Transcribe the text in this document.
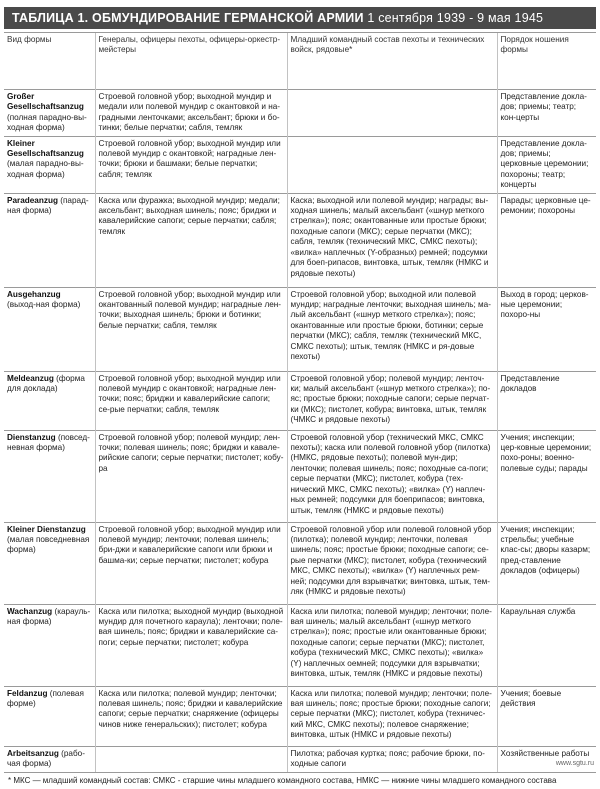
ТАБЛИЦА 1. ОБМУНДИРОВАНИЕ ГЕРМАНСКОЙ АРМИИ 1 сентября 1939 - 9 мая 1945
Вид формы	Генералы, офицеры пехоты, офицеры-оркестр-мейстеры	Младший командный состав пехоты и технических войск, рядовые*	Порядок ношения формы
Großer Gesellschaftsanzug (полная парадно-вы-ходная форма)	Строевой головной убор; выходной мундир и медали или полевой мундир с окантовкой и на-градными ленточками; аксельбант; брюки и бо-тинки; белые перчатки; сабля, темляк		Представление докла-дов; приемы; театр; кон-церты
Kleiner Gesellschaftsanzug (малая парадно-вы-ходная форма)	Строевой головной убор; выходной мундир или полевой мундир с окантовкой; наградные лен-точки; брюки и башмаки; белые перчатки; сабля; темляк		Представление докла-дов; приемы; церковные церемонии; похороны; театр; концерты
Paradeanzug (парад-ная форма)	Каска или фуражка; выходной мундир; медали; аксельбант; выходная шинель; пояс; бриджи и кавалерийские сапоги; серые перчатки; сабля; темляк	Каска; выходной или полевой мундир; награды; вы-ходная шинель; малый аксельбант («шнур меткого стрелка»); пояс; окантованные или простые брюки; походные сапоги (МКС); серые перчатки (МКС); сабля, темляк (технический МКС, СМКС пехоты); «вилка» наплечных (Y-образных) ремней; подсумки для боеп-рипасов, винтовка, штык, темляк (НМКС и рядовые пехоты)	Парады; церковные це-ремонии; похороны
Ausgehanzug (выход-ная форма)	Строевой головной убор; выходной мундир или окантованный полевой мундир; наградные лен-точки; выходная шинель; брюки и ботинки; белые перчатки; сабля, темляк	Строевой головной убор; выходной или полевой мундир; наградные ленточки; выходная шинель; ма-лый аксельбант («шнур меткого стрелка»); пояс; окантованные или простые брюки, ботинки; серые перчатки (МКС); сабля, темляк (технический МКС, СМКС пехоты); штык, темляк (НМКС и ря-довые пехоты)	Выход в город; церков-ные церемонии; похоро-ны
Meldeanzug (форма для доклада)	Строевой головной убор; выходной мундир или полевой мундир с окантовкой; наградные лен-точки; пояс; бриджи и кавалерийские сапоги; се-рые перчатки; сабля, темляк	Строевой головной убор; полевой мундир; ленточ-ки; малый аксельбант («шнур меткого стрелка»); по-яс; простые брюки; походные сапоги; серые перчат-ки (МКС); пистолет, кобура; винтовка, штык, темляк (ЧМКС и рядовые пехоты)	Представление докладов
Dienstanzug (повсед-невная форма)	Строевой головной убор; полевой мундир; лен-точки; полевая шинель; пояс; бриджи и кавале-рийские сапоги; серые перчатки; пистолет; кобу-ра	Строевой головной убор (технический МКС, СМКС пехоты); каска или полевой головной убор (пилотка) (НМКС, рядовые пехоты); полевой мун-дир; ленточки; полевая шинель; пояс; походные са-поги; серые перчатки (МКС); пистолет, кобура (тех-нический МКС, СМКС пехоты); «вилка» (Y) наплеч-ных ремней; подсумки для боеприпасов; винтовка, штык, темляк (НМКС и рядовые пехоты)	Учения; инспекции; цер-ковные церемонии; похо-роны; военно-полевые суды; парады
Kleiner Dienstanzug (малая повседневная форма)	Строевой головной убор; выходной мундир или полевой мундир; ленточки; полевая шинель; бри-джи и кавалерийские сапоги или брюки и башма-ки; серые перчатки; пистолет; кобура	Строевой головной убор или полевой головной убор (пилотка); полевой мундир; ленточки, полевая шинель; пояс; простые брюки; походные сапоги; се-рые перчатки (МКС); пистолет, кобура (технический МКС, СМКС пехоты); «вилка» (Y) наплечных рем-ней; подсумки для взрывчатки; винтовка, штык, тем-ляк (НМКС и рядовые пехоты)	Учения; инспекции; стрельбы; учебные клас-сы; дворы казарм; пред-ставление докладов (офицеры)
Wachanzug (карауль-ная форма)	Каска или пилотка; выходной мундир (выходной мундир для почетного караула); ленточки; поле-вая шинель; пояс; бриджи и кавалерийские са-поги; серые перчатки; пистолет; кобура	Каска или пилотка; полевой мундир; ленточки; поле-вая шинель; малый аксельбант («шнур меткого стрелка»); пояс; простые или окантованные брюки; походные сапоги; серые перчатки (МКС); пистолет, кобура (технический МКС, СМКС пехоты); «вилка» (Y) наплечных оемней; подсумки для взрывчатки; винтовка, штык, темляк (НМКС и рядовые пехоты)	Караульная служба
Feldanzug (полевая форме)	Каска или пилотка; полевой мундир; ленточки; полевая шинель; пояс; бриджи и кавалерийские сапоги; серые перчатки; снаряжение (офицеры чинов ниже генеральских); пистолет; кобура	Каска или пилотка; полевой мундир; ленточки; поле-вая шинель; пояс; простые брюки; походные сапоги; серые перчатки (МКС); пистолет, кобура (техничес-кий МКС, СМКС пехоты); полевое снаряжение; винтовка, штык (НМКС и рядовые пехоты)	Учения; боевые действия
Arbeitsanzug (рабо-чая форма)		Пилотка; рабочая куртка; пояс; рабочие брюки, по-ходные сапоги	Хозяйственные работы
* МКС — младший командный состав: СМКС - старшие чины младшего командного состава, НМКС — нижние чины младшего командного состава
www.sgtu.ru
